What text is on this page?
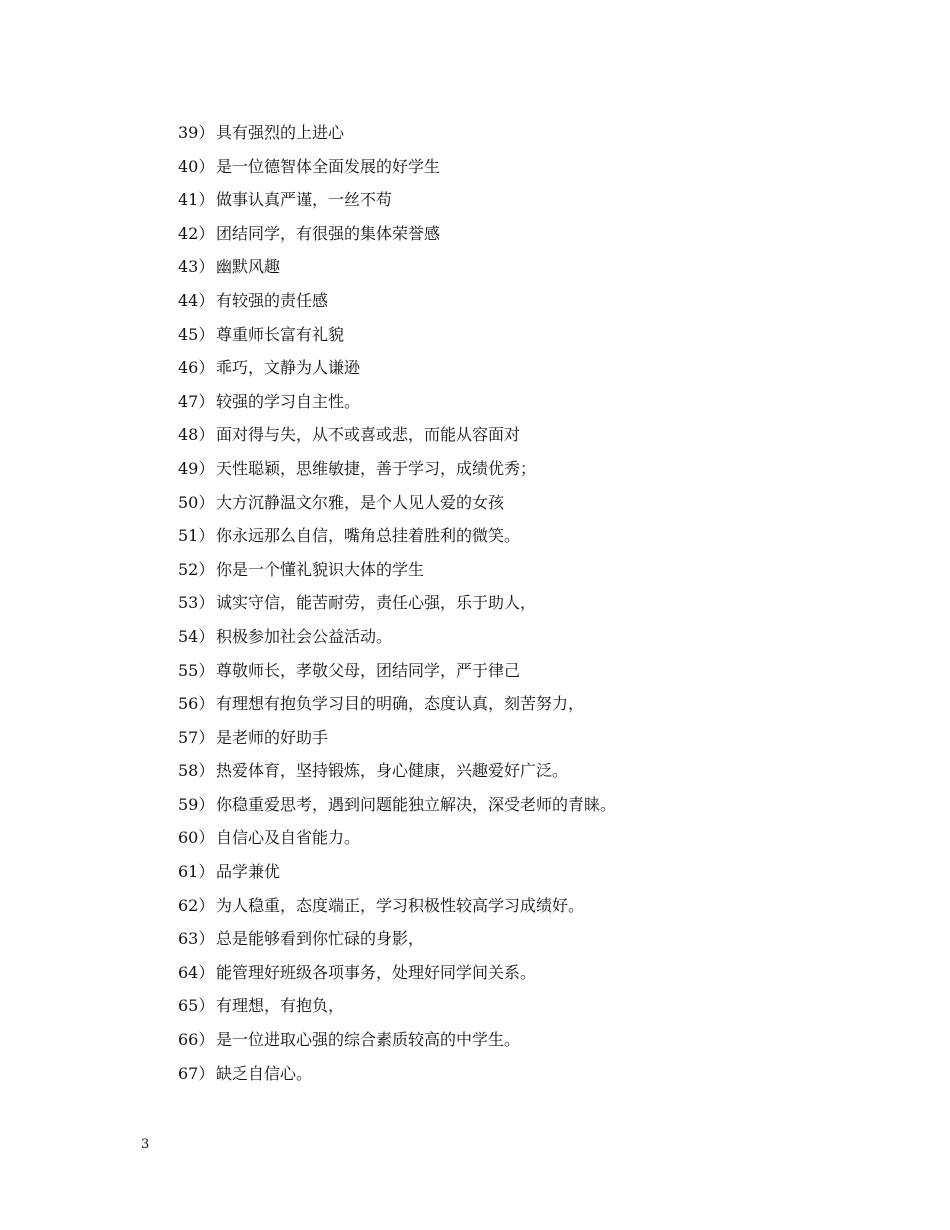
39） 具有强烈的上进心
40） 是一位德智体全面发展的好学生
41） 做事认真严谨，一丝不苟
42） 团结同学，有很强的集体荣誉感
43） 幽默风趣
44） 有较强的责任感
45） 尊重师长富有礼貌
46） 乖巧，文静为人谦逊
47） 较强的学习自主性。
48） 面对得与失，从不或喜或悲，而能从容面对
49） 天性聪颖，思维敏捷，善于学习，成绩优秀；
50） 大方沉静温文尔雅，是个人见人爱的女孩
51） 你永远那么自信，嘴角总挂着胜利的微笑。
52） 你是一个懂礼貌识大体的学生
53） 诚实守信，能苦耐劳，责任心强，乐于助人，
54） 积极参加社会公益活动。
55） 尊敬师长，孝敬父母，团结同学，严于律己
56） 有理想有抱负学习目的明确，态度认真，刻苦努力，
57） 是老师的好助手
58） 热爱体育，坚持锻炼，身心健康，兴趣爱好广泛。
59） 你稳重爱思考，遇到问题能独立解决，深受老师的青睐。
60） 自信心及自省能力。
61） 品学兼优
62） 为人稳重，态度端正，学习积极性较高学习成绩好。
63） 总是能够看到你忙碌的身影，
64） 能管理好班级各项事务，处理好同学间关系。
65） 有理想，有抱负，
66） 是一位进取心强的综合素质较高的中学生。
67） 缺乏自信心。
3
